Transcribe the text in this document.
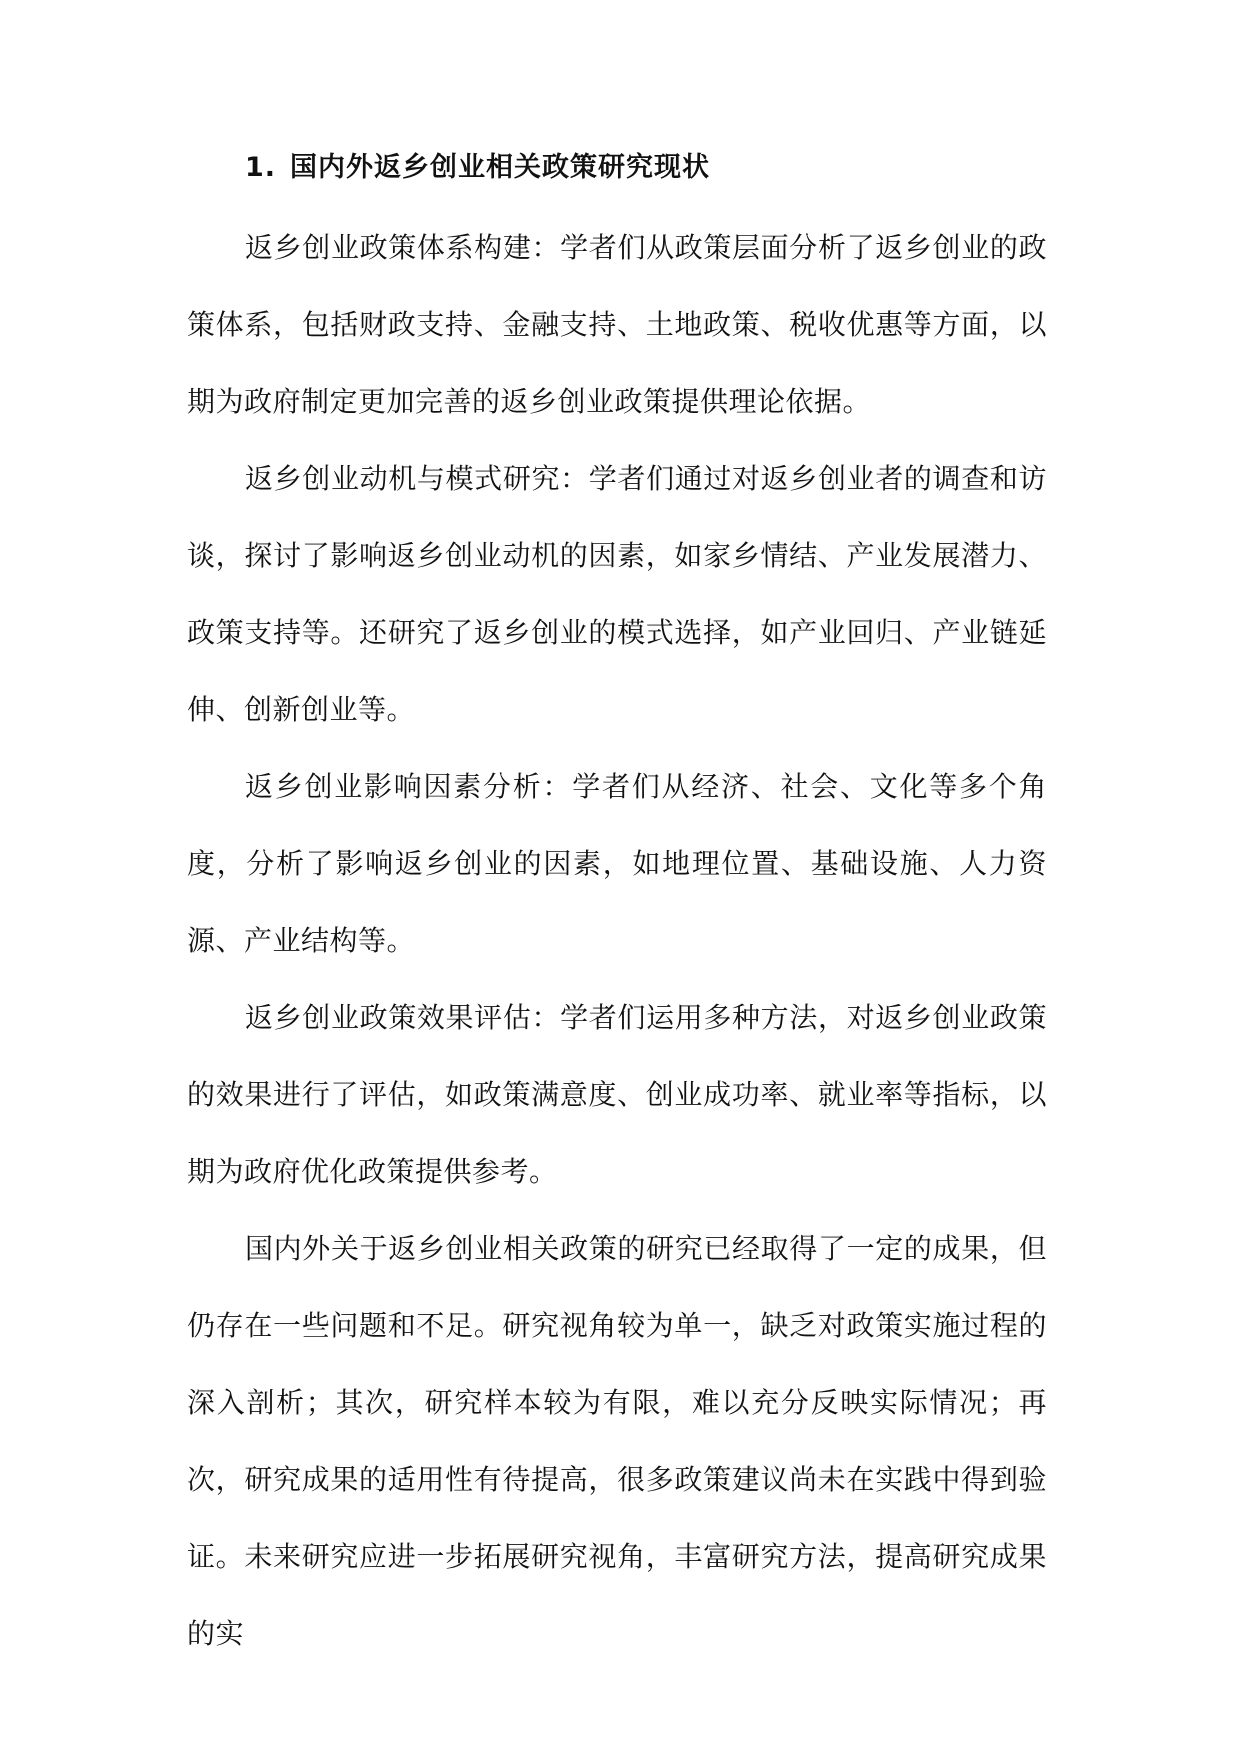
1. 国内外返乡创业相关政策研究现状

返乡创业政策体系构建：学者们从政策层面分析了返乡创业的政策体系，包括财政支持、金融支持、土地政策、税收优惠等方面，以期为政府制定更加完善的返乡创业政策提供理论依据。

返乡创业动机与模式研究：学者们通过对返乡创业者的调查和访谈，探讨了影响返乡创业动机的因素，如家乡情结、产业发展潜力、政策支持等。还研究了返乡创业的模式选择，如产业回归、产业链延伸、创新创业等。

返乡创业影响因素分析：学者们从经济、社会、文化等多个角度，分析了影响返乡创业的因素，如地理位置、基础设施、人力资源、产业结构等。

返乡创业政策效果评估：学者们运用多种方法，对返乡创业政策的效果进行了评估，如政策满意度、创业成功率、就业率等指标，以期为政府优化政策提供参考。

国内外关于返乡创业相关政策的研究已经取得了一定的成果，但仍存在一些问题和不足。研究视角较为单一，缺乏对政策实施过程的深入剖析；其次，研究样本较为有限，难以充分反映实际情况；再次，研究成果的适用性有待提高，很多政策建议尚未在实践中得到验证。未来研究应进一步拓展研究视角，丰富研究方法，提高研究成果的实
